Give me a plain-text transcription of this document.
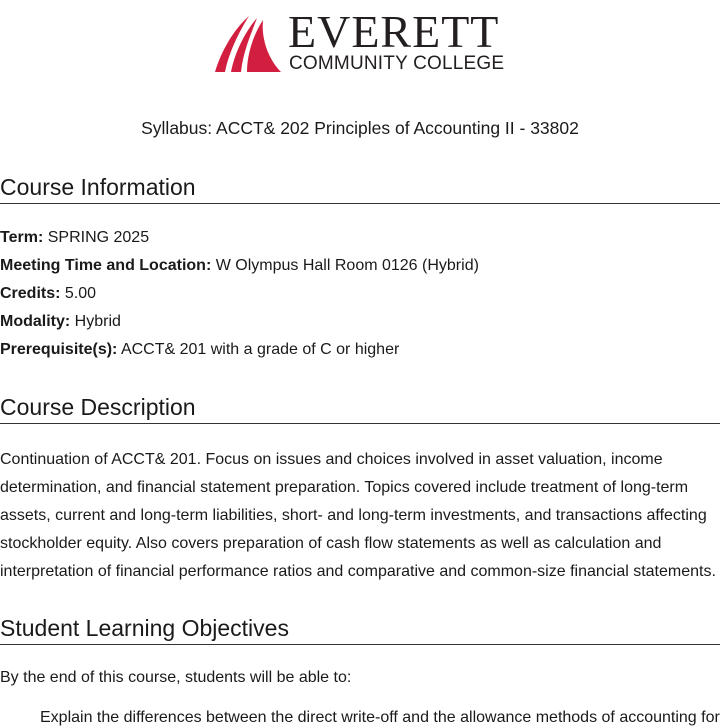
EVERETT
COMMUNITY COLLEGE
Syllabus: ACCT& 202 Principles of Accounting II - 33802
Course Information
Term: SPRING 2025
Meeting Time and Location: W Olympus Hall Room 0126 (Hybrid)
Credits: 5.00
Modality: Hybrid
Prerequisite(s): ACCT& 201 with a grade of C or higher
Course Description

Continuation of ACCT& 201. Focus on issues and choices involved in asset valuation, income determination, and financial statement preparation. Topics covered include treatment of long-term assets, current and long-term liabilities, short- and long-term investments, and transactions affecting stockholder equity. Also covers preparation of cash flow statements as well as calculation and interpretation of financial performance ratios and comparative and common-size financial statements.

Student Learning Objectives
By the end of this course, students will be able to:
Explain the differences between the direct write-off and the allowance methods of accounting for
